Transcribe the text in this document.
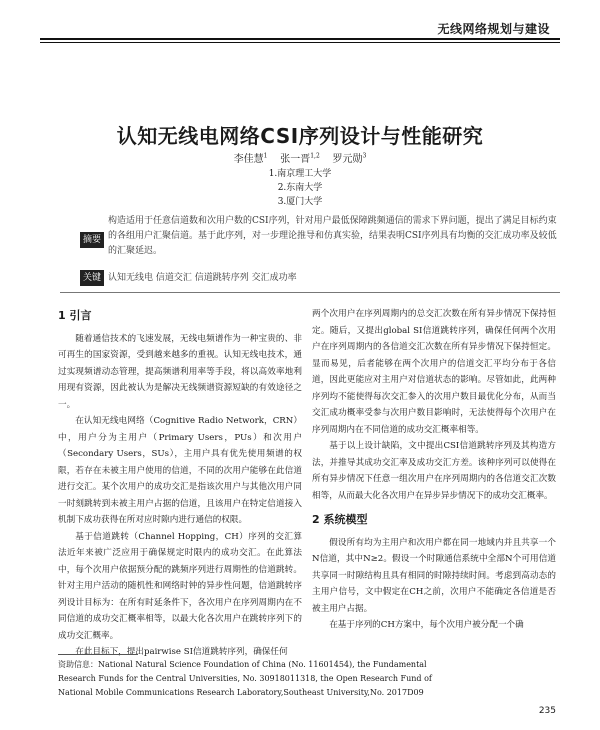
无线网络规划与建设
认知无线电网络CSI序列设计与性能研究
李佳慧$^1$ 张一晋$^{1,2}$ 罗元勋$^3$
1.南京理工大学
2.东南大学
3.厦门大学
摘要
构造适用于任意信道数和次用户数的CSI序列，针对用户最低保障跳频通信的需求下界问题，提出了满足目标约束的各组用户汇聚信道。基于此序列，对一步理论推导和仿真实验，结果表明CSI序列具有均衡的交汇成功率及较低的汇聚延迟。
关键词
认知无线电 信道交汇 信道跳转序列 交汇成功率
1 引言

随着通信技术的飞速发展，无线电频谱作为一种宝贵的、非可再生的国家资源，受到越来越多的重视。认知无线电技术，通过实现频谱动态管理，提高频谱利用率等手段，将以高效率地利用现有资源，因此被认为是解决无线频谱资源短缺的有效途径之一。

在认知无线电网络（Cognitive Radio Network，CRN）中，用户分为主用户（Primary Users，PUs）和次用户（Secondary Users，SUs），主用户具有优先使用频谱的权限，若存在未被主用户使用的信道，不同的次用户能够在此信道进行交汇。某个次用户的成功交汇是指该次用户与其他次用户同一时刻跳转到未被主用户占据的信道，且该用户在特定信道接入机制下成功获得在所对应时隙内进行通信的权限。

基于信道跳转（Channel Hopping，CH）序列的交汇算法近年来被广泛应用于确保规定时限内的成功交汇。在此算法中，每个次用户依据预分配的跳频序列进行周期性的信道跳转。针对主用户活动的随机性和网络时钟的异步性问题，信道跳转序列设计目标为：在所有时延条件下，各次用户在序列周期内在不同信道的成功交汇概率相等，以最大化各次用户在跳转序列下的成功交汇概率。

在此目标下，提出pairwise SI信道跳转序列，确保任何

两个次用户在序列周期内的总交汇次数在所有异步情况下保持恒定。随后，又提出global SI信道跳转序列，确保任何两个次用户在序列周期内的各信道交汇次数在所有异步情况下保持恒定。显而易见，后者能够在两个次用户的信道交汇平均分布于各信道，因此更能应对主用户对信道状态的影响。尽管如此，此两种序列均不能使得每次交汇参入的次用户数目最优化分布，从而当交汇成功概率受参与次用户数目影响时，无法使得每个次用户在序列周期内在不同信道的成功交汇概率相等。

基于以上设计缺陷，文中提出CSI信道跳转序列及其构造方法，并推导其成功交汇率及成功交汇方差。该种序列可以使得在所有异步情况下任意一组次用户在序列周期内的各信道交汇次数相等，从而最大化各次用户在异步异步情况下的成功交汇概率。

2 系统模型

假设所有均为主用户和次用户都在同一地域内并且共享一个N信道，其中N≥2。假设一个时隙通信系统中全部N个可用信道共享同一时隙结构且具有相同的时隙持续时间。考虑到高动态的主用户信号，文中假定在CH之前，次用户不能确定各信道是否被主用户占据。

在基于序列的CH方案中，每个次用户被分配一个确

资助信息：National Natural Science Foundation of China (No. 11601454), the Fundamental
Research Funds for the Central Universities, No. 30918011318, the Open Research Fund of
National Mobile Communications Research Laboratory,Southeast University,No. 2017D09
235
